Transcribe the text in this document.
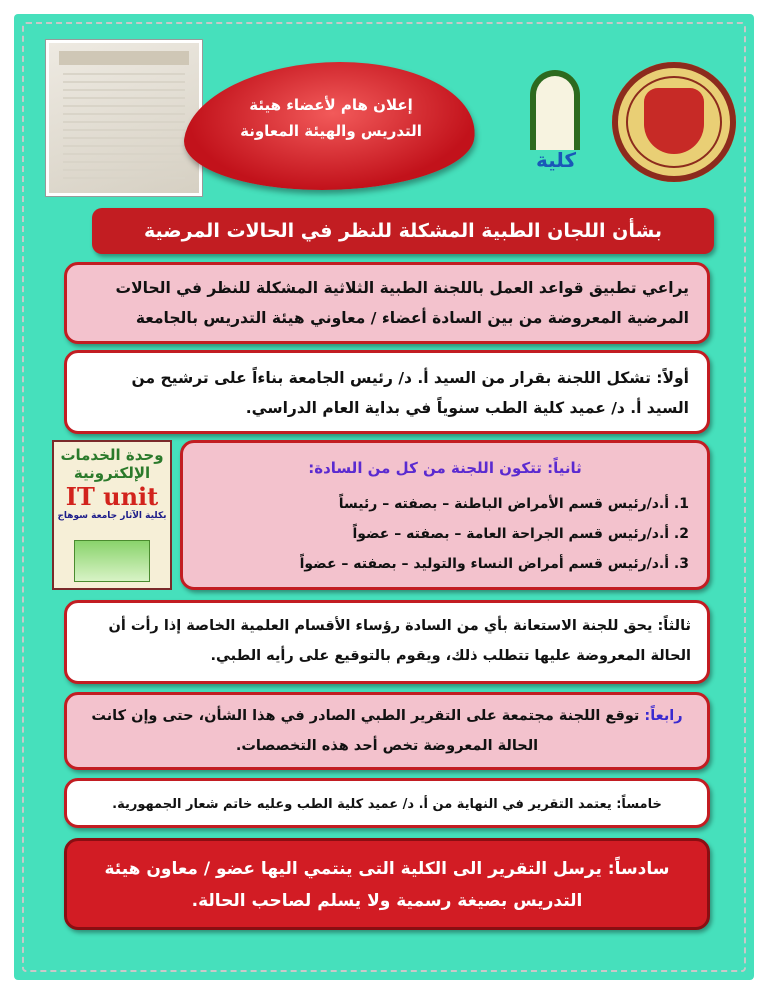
إعلان هام لأعضاء هيئة
التدريس والهيئة المعاونة
كلية
بشأن اللجان الطبية المشكلة للنظر في الحالات المرضية
يراعي تطبيق قواعد العمل باللجنة الطبية الثلاثية المشكلة للنظر في الحالات المرضية المعروضة من بين السادة أعضاء / معاوني هيئة التدريس بالجامعة
أولاً: تشكل اللجنة بقرار من السيد أ. د/ رئيس الجامعة بناءاً على ترشيح من السيد أ. د/ عميد كلية الطب سنوياً في بداية العام الدراسي.
ثانياً: تتكون اللجنة من كل من السادة:
1. أ.د/رئيس قسم الأمراض الباطنة – بصفته – رئيساً
2. أ.د/رئيس قسم الجراحة العامة – بصفته – عضواً
3. أ.د/رئيس قسم أمراض النساء والتوليد – بصفته – عضواً
وحدة الخدمات
الإلكترونية
IT unit
بكلية الآثار جامعة سوهاج
ثالثاً: يحق للجنة الاستعانة بأي من السادة رؤساء الأقسام العلمية الخاصة إذا رأت أن الحالة المعروضة عليها تتطلب ذلك، ويقوم بالتوقيع على رأيه الطبي.
رابعاً: توقع اللجنة مجتمعة على التقرير الطبي الصادر في هذا الشأن، حتى وإن كانت الحالة المعروضة تخص أحد هذه التخصصات.
خامساً: يعتمد التقرير في النهاية من أ. د/ عميد كلية الطب وعليه خاتم شعار الجمهورية.
سادساً: يرسل التقرير الى الكلية التى ينتمي اليها عضو / معاون هيئة التدريس بصيغة رسمية ولا يسلم لصاحب الحالة.
